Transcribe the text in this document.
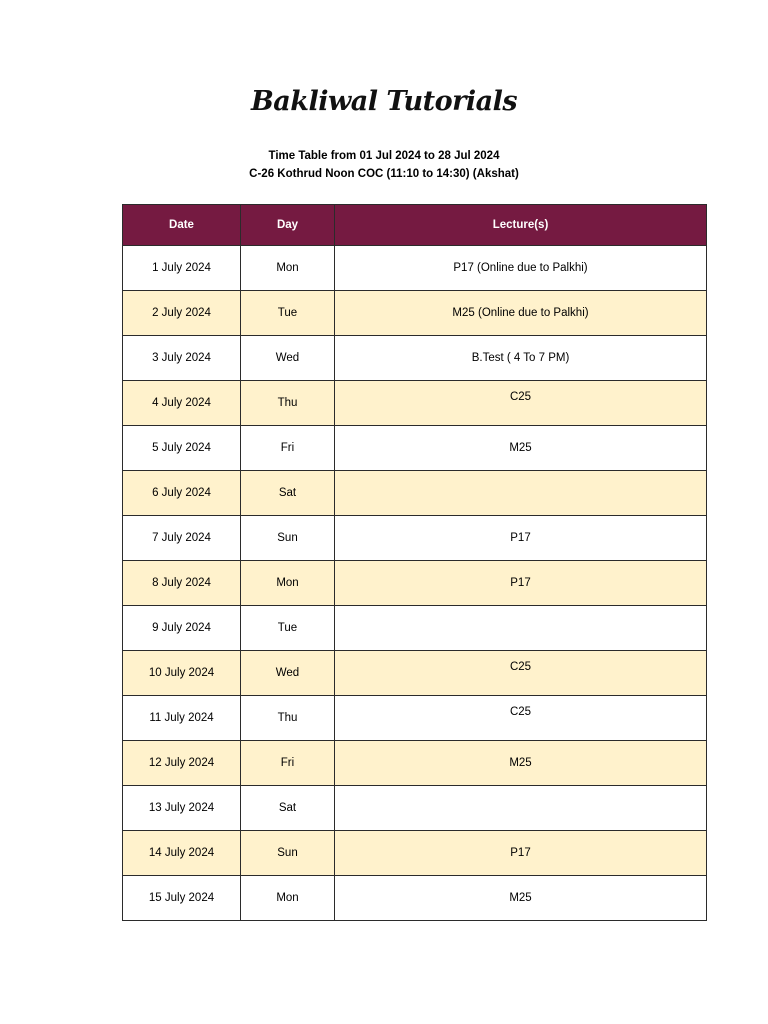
Bakliwal Tutorials
Time Table from 01 Jul 2024 to 28 Jul 2024
C-26 Kothrud Noon COC (11:10 to 14:30) (Akshat)
Date	Day	Lecture(s)
1 July 2024	Mon	P17 (Online due to Palkhi)
2 July 2024	Tue	M25 (Online due to Palkhi)
3 July 2024	Wed	B.Test ( 4 To 7 PM)
4 July 2024	Thu	C25

5 July 2024	Fri	M25
6 July 2024	Sat	
7 July 2024	Sun	P17
8 July 2024	Mon	P17
9 July 2024	Tue	
10 July 2024	Wed	C25

11 July 2024	Thu	C25

12 July 2024	Fri	M25
13 July 2024	Sat	
14 July 2024	Sun	P17
15 July 2024	Mon	M25
